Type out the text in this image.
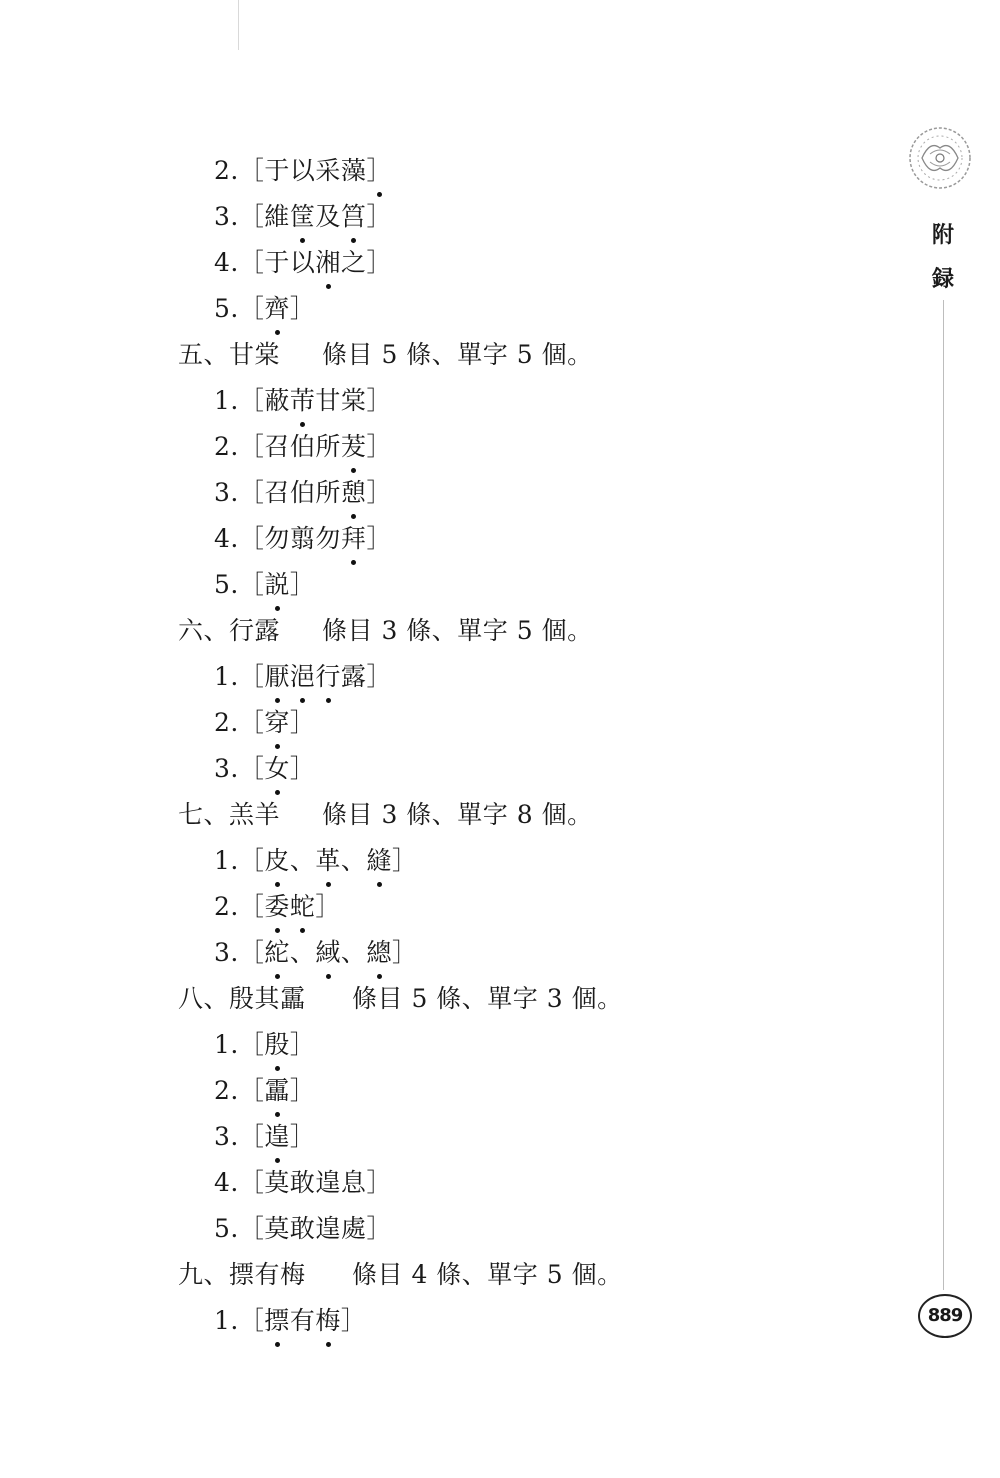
2.［于以采藻］
3.［維筐及筥］
4.［于以湘之］
5.［齊］
五、甘棠 條目 5 條、單字 5 個。
1.［蔽芾甘棠］
2.［召伯所茇］
3.［召伯所憩］
4.［勿翦勿拜］
5.［説］
六、行露 條目 3 條、單字 5 個。
1.［厭浥行露］
2.［穿］
3.［女］
七、羔羊 條目 3 條、單字 8 個。
1.［皮、革、縫］
2.［委蛇］
3.［紽、緎、總］
八、殷其靁 條目 5 條、單字 3 個。
1.［殷］
2.［靁］
3.［遑］
4.［莫敢遑息］
5.［莫敢遑處］
九、摽有梅 條目 4 條、單字 5 個。
1.［摽有梅］
附
録
889
